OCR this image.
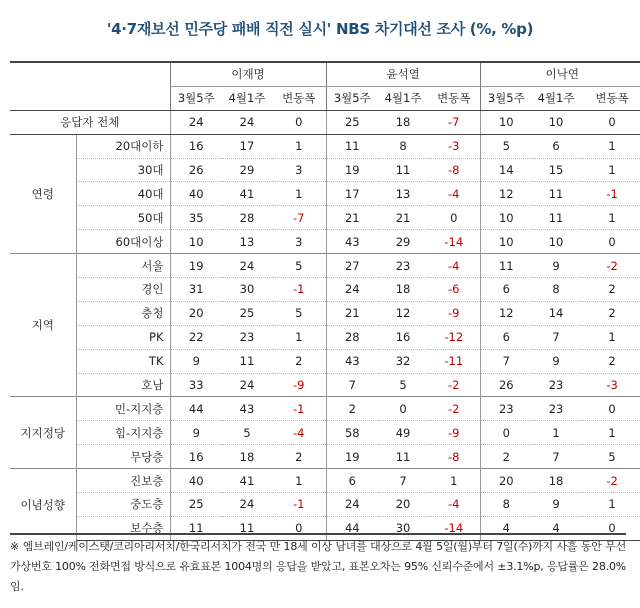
'4·7재보선 민주당 패배 직전 실시' NBS 차기대선 조사 (%, %p)
		이재명			윤석열			이낙연		
		3월5주	4월1주	변동폭	3월5주	4월1주	변동폭	3월5주	4월1주	변동폭
응답자 전체		24	24	0	25	18	-7	10	10	0
연령	20대이하	16	17	1	11	8	-3	5	6	1
	30대	26	29	3	19	11	-8	14	15	1
	40대	40	41	1	17	13	-4	12	11	-1
	50대	35	28	-7	21	21	0	10	11	1
	60대이상	10	13	3	43	29	-14	10	10	0
지역	서울	19	24	5	27	23	-4	11	9	-2
	경인	31	30	-1	24	18	-6	6	8	2
	충청	20	25	5	21	12	-9	12	14	2
	PK	22	23	1	28	16	-12	6	7	1
	TK	9	11	2	43	32	-11	7	9	2
	호남	33	24	-9	7	5	-2	26	23	-3
지지정당	민-지지층	44	43	-1	2	0	-2	23	23	0
	힘-지지층	9	5	-4	58	49	-9	0	1	1
	무당층	16	18	2	19	11	-8	2	7	5
이념성향	진보층	40	41	1	6	7	1	20	18	-2
	중도층	25	24	-1	24	20	-4	8	9	1
	보수층	11	11	0	44	30	-14	4	4	0
※ 엠브레인/케이스탯/코리아리서치/한국리서치가 전국 만 18세 이상 남녀를 대상으로 4월 5일(월)부터 7일(수)까지 사흘 동안 무선 가상번호 100% 전화면접 방식으로 유효표본 1004명의 응답을 받았고, 표본오차는 95% 신뢰수준에서 ±3.1%p, 응답률은 28.0%임.
